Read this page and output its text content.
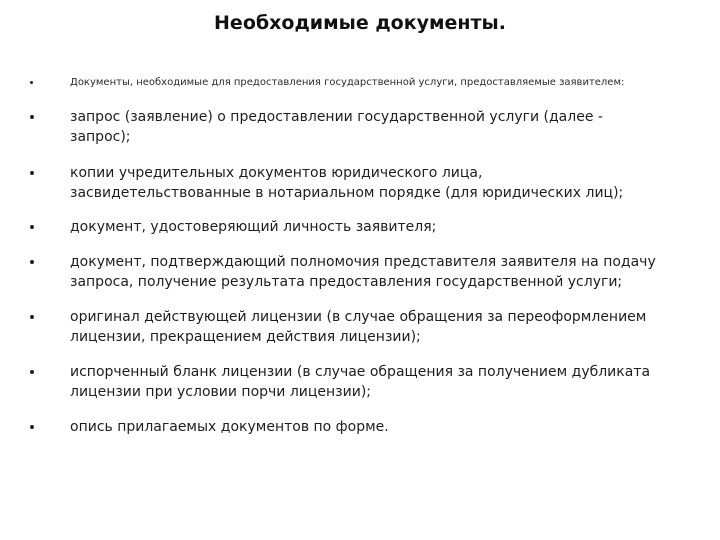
Необходимые документы.
Документы, необходимые для предоставления государственной услуги, предоставляемые заявителем:
запрос (заявление) о предоставлении государственной услуги (далее -
запрос);
копии учредительных документов юридического лица,
засвидетельствованные в нотариальном порядке (для юридических лиц);
документ, удостоверяющий личность заявителя;
документ, подтверждающий полномочия представителя заявителя на подачу
запроса, получение результата предоставления государственной услуги;
оригинал действующей лицензии (в случае обращения за переоформлением
лицензии, прекращением действия лицензии);
испорченный бланк лицензии (в случае обращения за получением дубликата
лицензии при условии порчи лицензии);
опись прилагаемых документов по форме.
